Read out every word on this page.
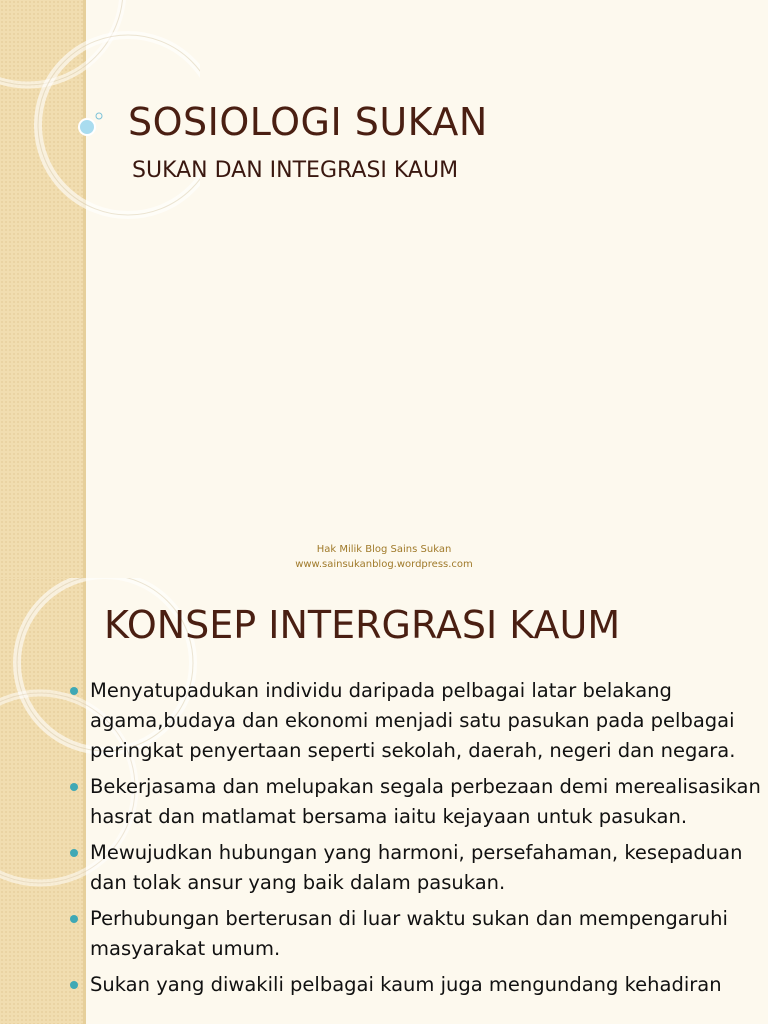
SOSIOLOGI SUKAN
SUKAN DAN INTEGRASI KAUM
Hak Milik Blog Sains Sukan
www.sainsukanblog.wordpress.com
KONSEP INTERGRASI KAUM
Menyatupadukan individu daripada pelbagai latar belakang agama,budaya dan ekonomi menjadi satu pasukan pada pelbagai peringkat penyertaan seperti sekolah, daerah, negeri dan negara.
Bekerjasama dan melupakan segala perbezaan demi merealisasikan hasrat dan matlamat bersama iaitu kejayaan untuk pasukan.
Mewujudkan hubungan yang harmoni, persefahaman, kesepaduan dan tolak ansur yang baik dalam pasukan.
Perhubungan berterusan di luar waktu sukan dan mempengaruhi masyarakat umum.
Sukan yang diwakili pelbagai kaum juga mengundang kehadiran
